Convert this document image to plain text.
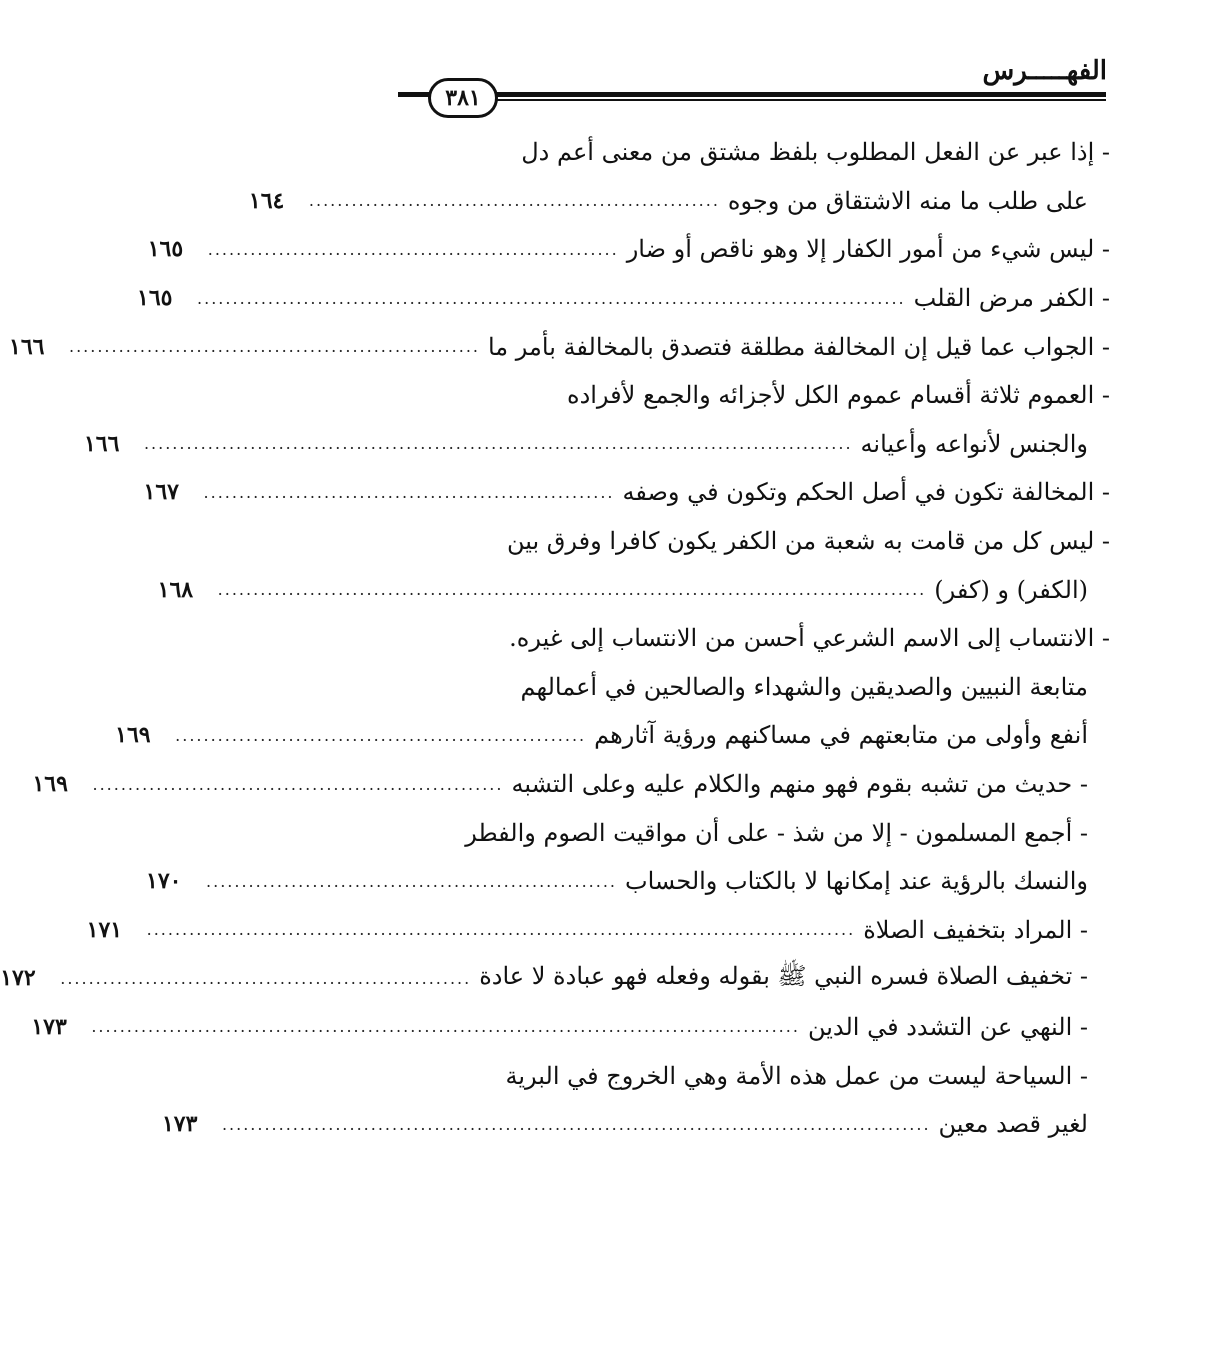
الفهـــــرس
٣٨١
- إذا عبر عن الفعل المطلوب بلفظ مشتق من معنى أعم دل
على طلب ما منه الاشتقاق من وجوه
..........................................................
١٦٤
- ليس شيء من أمور الكفار إلا وهو ناقص أو ضار
..........................................................
١٦٥
- الكفر مرض القلب
....................................................................................................
١٦٥
- الجواب عما قيل إن المخالفة مطلقة فتصدق بالمخالفة بأمر ما
..........................................................
١٦٦
- العموم ثلاثة أقسام عموم الكل لأجزائه والجمع لأفراده
والجنس لأنواعه وأعيانه
....................................................................................................
١٦٦
- المخالفة تكون في أصل الحكم وتكون في وصفه
..........................................................
١٦٧
- ليس كل من قامت به شعبة من الكفر يكون كافرا وفرق بين
(الكفر) و (كفر)
....................................................................................................
١٦٨
- الانتساب إلى الاسم الشرعي أحسن من الانتساب إلى غيره.
متابعة النبيين والصديقين والشهداء والصالحين في أعمالهم
أنفع وأولى من متابعتهم في مساكنهم ورؤية آثارهم
..........................................................
١٦٩
- حديث من تشبه بقوم فهو منهم والكلام عليه وعلى التشبه
..........................................................
١٦٩
- أجمع المسلمون - إلا من شذ - على أن مواقيت الصوم والفطر
والنسك بالرؤية عند إمكانها لا بالكتاب والحساب
..........................................................
١٧٠
- المراد بتخفيف الصلاة
....................................................................................................
١٧١
- تخفيف الصلاة فسره النبي ﷺ بقوله وفعله فهو عبادة لا عادة
..........................................................
١٧٢
- النهي عن التشدد في الدين
....................................................................................................
١٧٣
- السياحة ليست من عمل هذه الأمة وهي الخروج في البرية
لغير قصد معين
....................................................................................................
١٧٣
